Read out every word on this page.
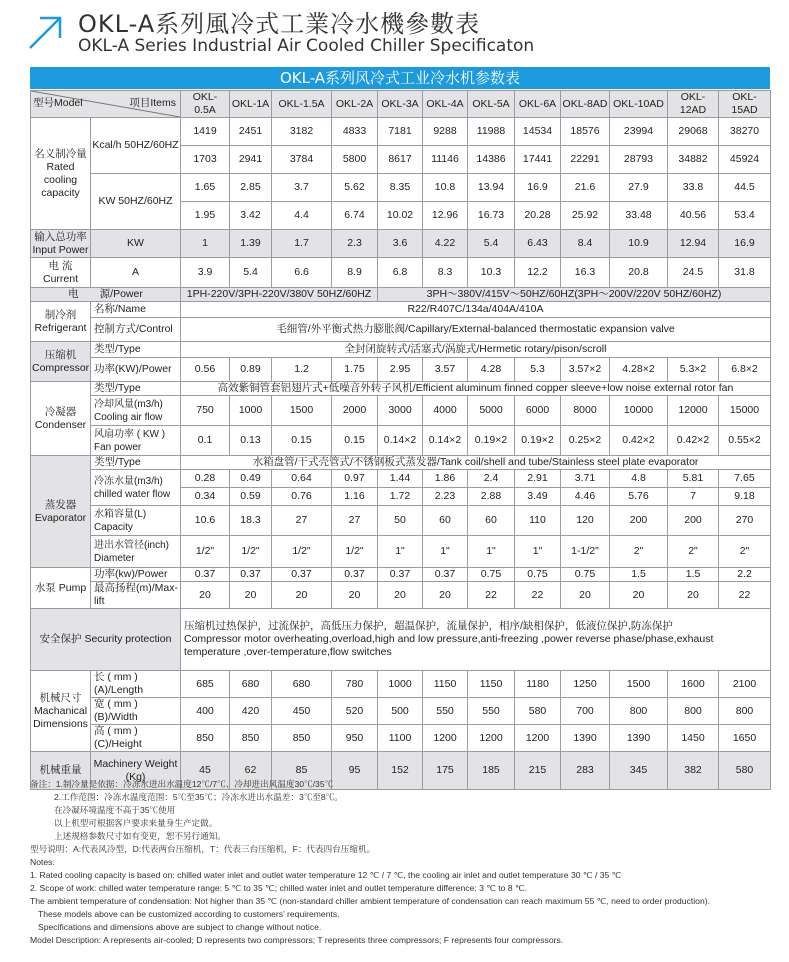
OKL-A系列風冷式工業冷水機參數表
OKL-A Series Industrial Air Cooled Chiller Specificaton
OKL-A系列风冷式工业冷水机参数表
型号Model 项目Items		OKL-0.5A	OKL-1A	OKL-1.5A	OKL-2A	OKL-3A	OKL-4A	OKL-5A	OKL-6A	OKL-8AD	OKL-10AD	OKL-12AD	OKL-15AD
名义制冷量 Rated cooling capacity	Kcal/h 50HZ/60HZ	1419	2451	3182	4833	7181	9288	11988	14534	18576	23994	29068	38270
		1703	2941	3784	5800	8617	11146	14386	17441	22291	28793	34882	45924
	KW 50HZ/60HZ	1.65	2.85	3.7	5.62	8.35	10.8	13.94	16.9	21.6	27.9	33.8	44.5
		1.95	3.42	4.4	6.74	10.02	12.96	16.73	20.28	25.92	33.48	40.56	53.4
输入总功率 Input Power	KW	1	1.39	1.7	2.3	3.6	4.22	5.4	6.43	8.4	10.9	12.94	16.9
电 流 Current	A	3.9	5.4	6.6	8.9	6.8	8.3	10.3	12.2	16.3	20.8	24.5	31.8
电　　源/Power		1PH-220V/3PH-220V/380V 50HZ/60HZ				3PH～380V/415V～50HZ/60HZ(3PH～200V/220V 50HZ/60HZ)							
制冷剂 Refrigerant	名称/Name	R22/R407C/134a/404A/410A											
	控制方式/Control	毛细管/外平衡式热力膨胀阀/Capillary/External-balanced thermostatic expansion valve											
压缩机 Compressor	类型/Type	全封闭旋转式/活塞式/涡旋式/Hermetic rotary/pison/scroll											
	功率(KW)/Power	0.56	0.89	1.2	1.75	2.95	3.57	4.28	5.3	3.57×2	4.28×2	5.3×2	6.8×2
冷凝器 Condenser	类型/Type	高效紫铜管套铝翅片式+低噪音外转子风机/Efficient aluminum finned copper sleeve+low noise external rotor fan											
	冷却风量(m3/h) Cooling air flow	750	1000	1500	2000	3000	4000	5000	6000	8000	10000	12000	15000
	风扇功率 ( KW ) Fan power	0.1	0.13	0.15	0.15	0.14×2	0.14×2	0.19×2	0.19×2	0.25×2	0.42×2	0.42×2	0.55×2
蒸发器 Evaporator	类型/Type	水箱盘管/干式壳管式/不锈钢板式蒸发器/Tank coil/shell and tube/Stainless steel plate evaporator											
	冷冻水量(m3/h) chilled water flow	0.28	0.49	0.64	0.97	1.44	1.86	2.4	2.91	3.71	4.8	5.81	7.65
		0.34	0.59	0.76	1.16	1.72	2.23	2.88	3.49	4.46	5.76	7	9.18
	水箱容量(L) Capacity	10.6	18.3	27	27	50	60	60	110	120	200	200	270
	进出水管径(inch) Diameter	1/2"	1/2"	1/2"	1/2"	1"	1"	1"	1"	1-1/2"	2"	2"	2"
水泵 Pump	功率(kw)/Power	0.37	0.37	0.37	0.37	0.37	0.37	0.75	0.75	0.75	1.5	1.5	2.2
	最高扬程(m)/Max-lift	20	20	20	20	20	20	22	22	20	20	20	22
安全保护 Security protection		压缩机过热保护，过流保护，高低压力保护，超温保护，流量保护，相序/缺相保护，低液位保护,防冻保护
Compressor motor overheating,overload,high and low pressure,anti-freezing ,power reverse phase/phase,exhaust temperature ,over-temperature,flow switches											

机械尺寸 Machanical Dimensions	长 ( mm ) (A)/Length	685	680	680	780	1000	1150	1150	1180	1250	1500	1600	2100
	宽 ( mm ) (B)/Width	400	420	450	520	500	550	550	580	700	800	800	800
	高 ( mm ) (C)/Height	850	850	850	950	1100	1200	1200	1200	1390	1390	1450	1650
机械重量	Machinery Weight (Kg)	45	62	85	95	152	175	185	215	283	345	382	580
备注：1.制冷量是依据：冷冻水进出水温度12℃/7℃、冷却进出风温度30℃/35℃
2.工作范围：冷冻水温度范围：5℃至35℃；冷冻水进出水温差：3℃至8℃。
在冷凝环境温度不高于35℃使用
以上机型可根据客户要求来量身生产定做。
上述规格参数尺寸如有变更，恕不另行通知。
型号说明：A:代表风冷型，D:代表两台压缩机，T：代表三台压缩机，F：代表四台压缩机。
Notes:
1. Rated cooling capacity is based on: chilled water inlet and outlet water temperature 12 ℃ / 7 ℃, the cooling air inlet and outlet temperature 30 ℃ / 35 ℃
2. Scope of work: chilled water temperature range: 5 ℃ to 35 ℃; chilled water inlet and outlet temperature difference: 3 ℃ to 8 ℃.
The ambient temperature of condensation: Not higher than 35 ℃ (non-standard chiller ambient temperature of condensation can reach maximum 55 ℃, need to order production).
These models above can be customized according to customers’ requirements.
Specifications and dimensions above are subject to change without notice.
Model Description: A represents air-cooled; D represents two compressors; T represents three compressors; F represents four compressors.
